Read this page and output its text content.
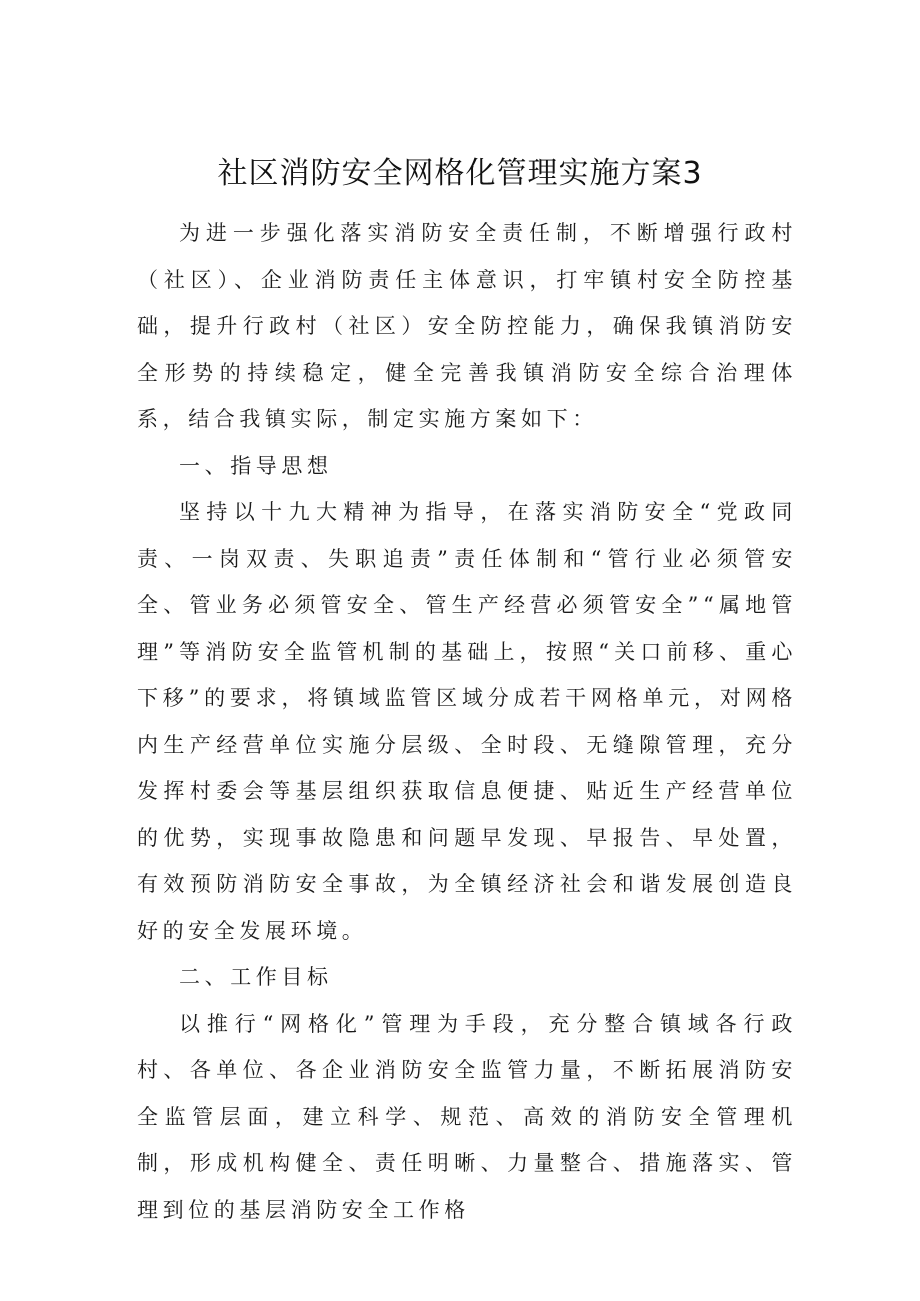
社区消防安全网格化管理实施方案3

为进一步强化落实消防安全责任制，不断增强行政村（社区）、企业消防责任主体意识，打牢镇村安全防控基础，提升行政村（社区）安全防控能力，确保我镇消防安全形势的持续稳定，健全完善我镇消防安全综合治理体系，结合我镇实际，制定实施方案如下：

一、指导思想

坚持以十九大精神为指导，在落实消防安全“党政同责、一岗双责、失职追责”责任体制和“管行业必须管安全、管业务必须管安全、管生产经营必须管安全”“属地管理”等消防安全监管机制的基础上，按照“关口前移、重心下移”的要求，将镇域监管区域分成若干网格单元，对网格内生产经营单位实施分层级、全时段、无缝隙管理，充分发挥村委会等基层组织获取信息便捷、贴近生产经营单位的优势，实现事故隐患和问题早发现、早报告、早处置，有效预防消防安全事故，为全镇经济社会和谐发展创造良好的安全发展环境。

二、工作目标

以推行“网格化”管理为手段，充分整合镇域各行政村、各单位、各企业消防安全监管力量，不断拓展消防安全监管层面，建立科学、规范、高效的消防安全管理机制，形成机构健全、责任明晰、力量整合、措施落实、管理到位的基层消防安全工作格
